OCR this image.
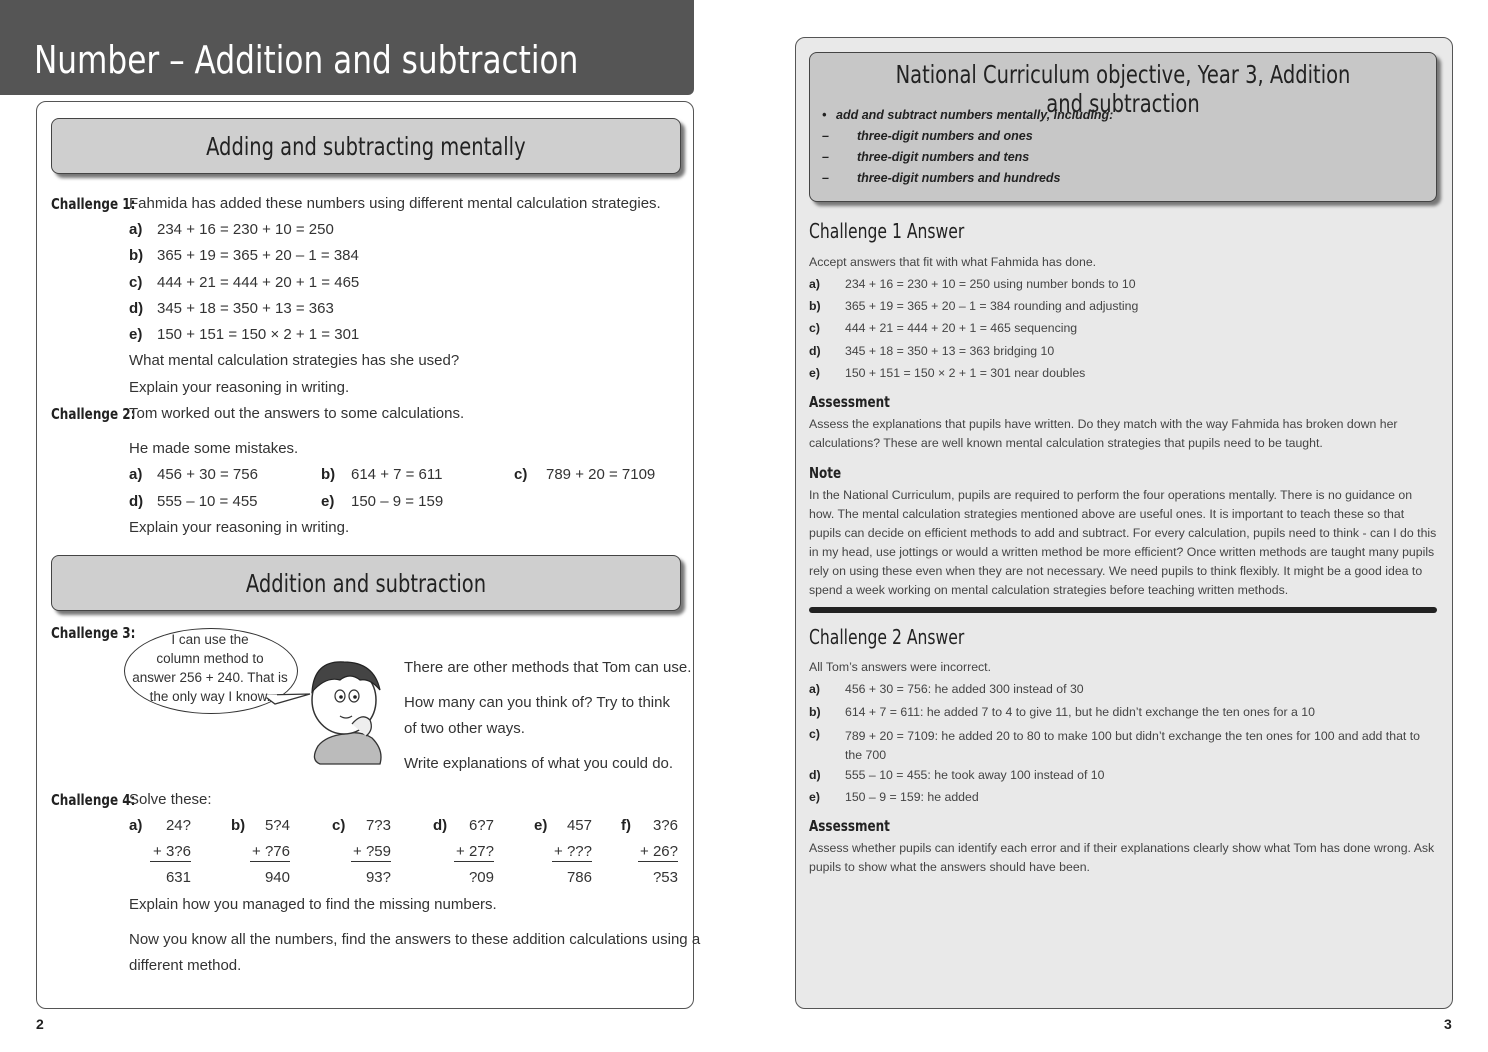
Number – Addition and subtraction
Adding and subtracting mentally
Challenge 1:
Fahmida has added these numbers using different mental calculation strategies.
a) 234 + 16 = 230 + 10 = 250
b) 365 + 19 = 365 + 20 – 1 = 384
c) 444 + 21 = 444 + 20 + 1 = 465
d) 345 + 18 = 350 + 13 = 363
e) 150 + 151 = 150 × 2 + 1 = 301
What mental calculation strategies has she used?
Explain your reasoning in writing.
Challenge 2:
Tom worked out the answers to some calculations.
He made some mistakes.
a) 456 + 30 = 756	b) 614 + 7 = 611	c) 789 + 20 = 7109
d) 555 – 10 = 455	e) 150 – 9 = 159
Explain your reasoning in writing.
Addition and subtraction
Challenge 3:	I can use the
column method to
answer 256 + 240. That is
the only way I know.
There are other methods that Tom can use.
How many can you think of? Try to think
of two other ways.
Write explanations of what you could do.
Challenge 4:
Solve these:
a)	24?
+ 3?6
631
b)	5?4
+ ?76
940
c)	7?3
+ ?59
93?
d)	6?7
+ 27?
?09
e)	457
+ ???
786
f)	3?6
+ 26?
?53
Explain how you managed to find the missing numbers.
Now you know all the numbers, find the answers to these addition calculations using a
different method.
2
National Curriculum objective, Year 3, Addition and subtraction
• add and subtract numbers mentally, including:
– three-digit numbers and ones
– three-digit numbers and tens
– three-digit numbers and hundreds
Challenge 1 Answer
Accept answers that fit with what Fahmida has done.
a) 234 + 16 = 230 + 10 = 250 using number bonds to 10
b) 365 + 19 = 365 + 20 – 1 = 384 rounding and adjusting
c) 444 + 21 = 444 + 20 + 1 = 465 sequencing
d) 345 + 18 = 350 + 13 = 363 bridging 10
e) 150 + 151 = 150 × 2 + 1 = 301 near doubles
Assessment
Assess the explanations that pupils have written. Do they match with the way Fahmida has broken down her calculations? These are well known mental calculation strategies that pupils need to be taught.
Note
In the National Curriculum, pupils are required to perform the four operations mentally. There is no guidance on how. The mental calculation strategies mentioned above are useful ones. It is important to teach these so that pupils can decide on efficient methods to add and subtract. For every calculation, pupils need to think - can I do this in my head, use jottings or would a written method be more efficient? Once written methods are taught many pupils rely on using these even when they are not necessary. We need pupils to think flexibly. It might be a good idea to spend a week working on mental calculation strategies before teaching written methods.
Challenge 2 Answer
All Tom’s answers were incorrect.
a) 456 + 30 = 756: he added 300 instead of 30
b) 614 + 7 = 611: he added 7 to 4 to give 11, but he didn’t exchange the ten ones for a 10
c) 789 + 20 = 7109: he added 20 to 80 to make 100 but didn’t exchange the ten ones for 100 and add that to the 700
d) 555 – 10 = 455: he took away 100 instead of 10
e) 150 – 9 = 159: he added
Assessment
Assess whether pupils can identify each error and if their explanations clearly show what Tom has done wrong. Ask pupils to show what the answers should have been.
3
